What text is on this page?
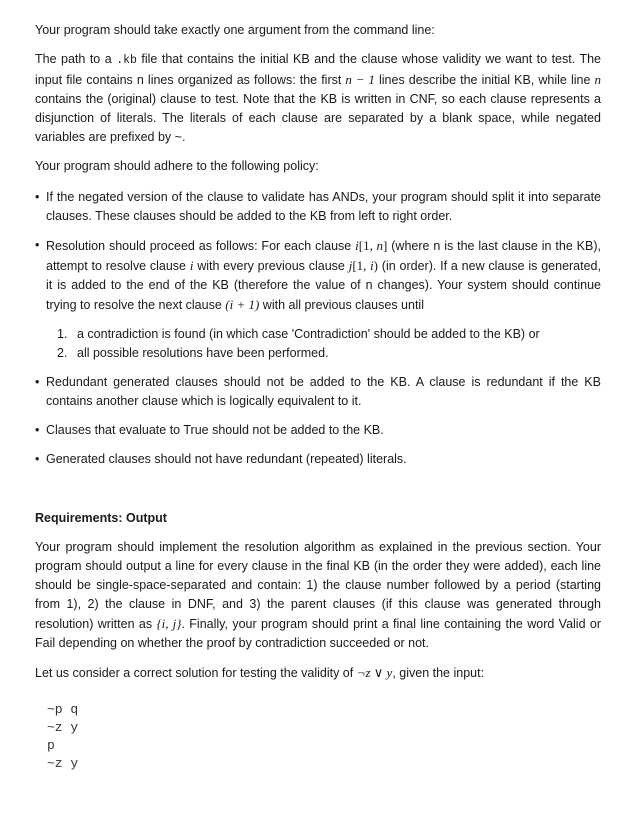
Your program should take exactly one argument from the command line:

The path to a .kb file that contains the initial KB and the clause whose validity we want to test. The input file contains n lines organized as follows: the first n − 1 lines describe the initial KB, while line n contains the (original) clause to test. Note that the KB is written in CNF, so each clause represents a disjunction of literals. The literals of each clause are separated by a blank space, while negated variables are prefixed by ~.

Your program should adhere to the following policy:

• If the negated version of the clause to validate has ANDs, your program should split it into separate clauses. These clauses should be added to the KB from left to right order.
• Resolution should proceed as follows: For each clause i[1, n] (where n is the last clause in the KB), attempt to resolve clause i with every previous clause j[1, i) (in order). If a new clause is generated, it is added to the end of the KB (therefore the value of n changes). Your system should continue trying to resolve the next clause (i + 1) with all previous clauses until
1. a contradiction is found (in which case 'Contradiction' should be added to the KB) or
2. all possible resolutions have been performed.
• Redundant generated clauses should not be added to the KB. A clause is redundant if the KB contains another clause which is logically equivalent to it.
• Clauses that evaluate to True should not be added to the KB.
• Generated clauses should not have redundant (repeated) literals.

Requirements: Output

Your program should implement the resolution algorithm as explained in the previous section. Your program should output a line for every clause in the final KB (in the order they were added), each line should be single-space-separated and contain: 1) the clause number followed by a period (starting from 1), 2) the clause in DNF, and 3) the parent clauses (if this clause was generated through resolution) written as {i, j}. Finally, your program should print a final line containing the word Valid or Fail depending on whether the proof by contradiction succeeded or not.

Let us consider a correct solution for testing the validity of ¬z ∨ y, given the input:

~p q
~z y
p
~z y
